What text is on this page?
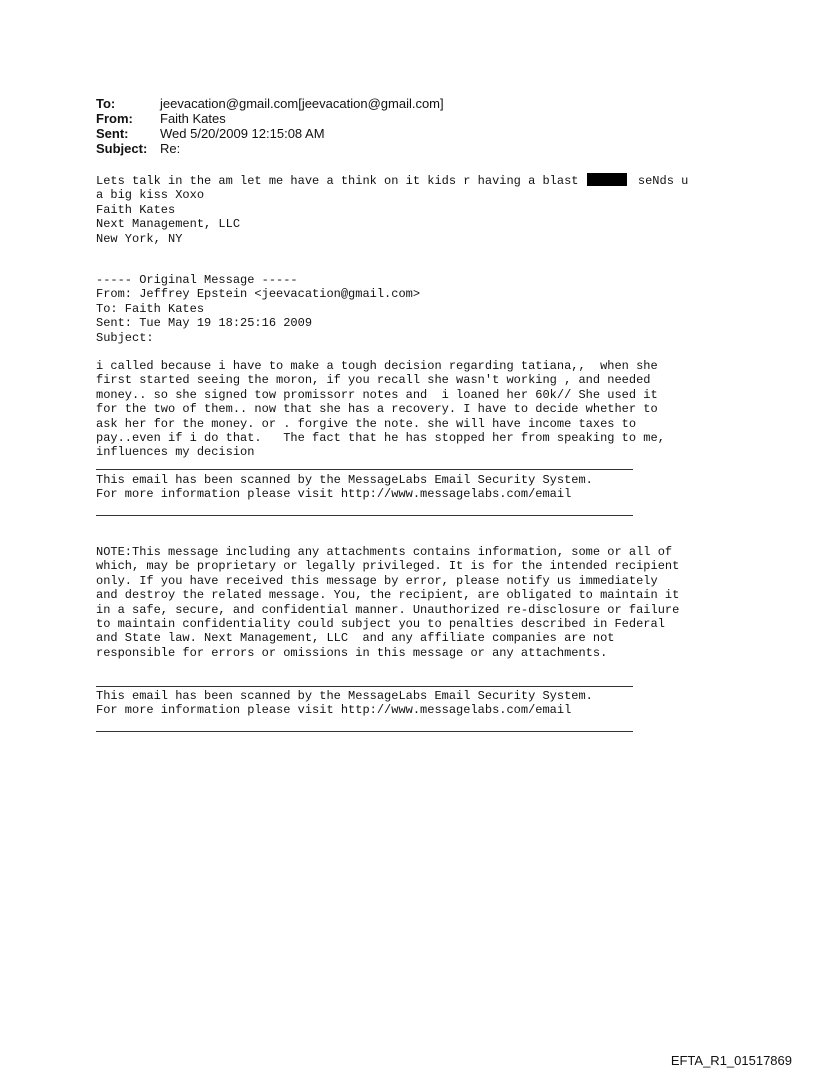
To:	jeevacation@gmail.com[jeevacation@gmail.com]
From:	Faith Kates
Sent:	Wed 5/20/2009 12:15:08 AM
Subject: Re:
Lets talk in the am let me have a think on it kids r having a blast	seNds u
a big kiss Xoxo
Faith Kates
Next Management, LLC
New York, NY
----- Original Message -----
From: Jeffrey Epstein <jeevacation@gmail.com>
To: Faith Kates
Sent: Tue May 19 18:25:16 2009
Subject:
i called because i have to make a tough decision regarding tatiana,,  when she
first started seeing the moron, if you recall she wasn't working , and needed
money.. so she signed tow promissorr notes and  i loaned her 60k// She used it
for the two of them.. now that she has a recovery. I have to decide whether to
ask her for the money. or . forgive the note. she will have income taxes to
pay..even if i do that.   The fact that he has stopped her from speaking to me,
influences my decision
This email has been scanned by the MessageLabs Email Security System.
For more information please visit http://www.messagelabs.com/email
NOTE:This message including any attachments contains information, some or all of
which, may be proprietary or legally privileged. It is for the intended recipient
only. If you have received this message by error, please notify us immediately
and destroy the related message. You, the recipient, are obligated to maintain it
in a safe, secure, and confidential manner. Unauthorized re-disclosure or failure
to maintain confidentiality could subject you to penalties described in Federal
and State law. Next Management, LLC  and any affiliate companies are not
responsible for errors or omissions in this message or any attachments.
This email has been scanned by the MessageLabs Email Security System.
For more information please visit http://www.messagelabs.com/email
EFTA_R1_01517869
